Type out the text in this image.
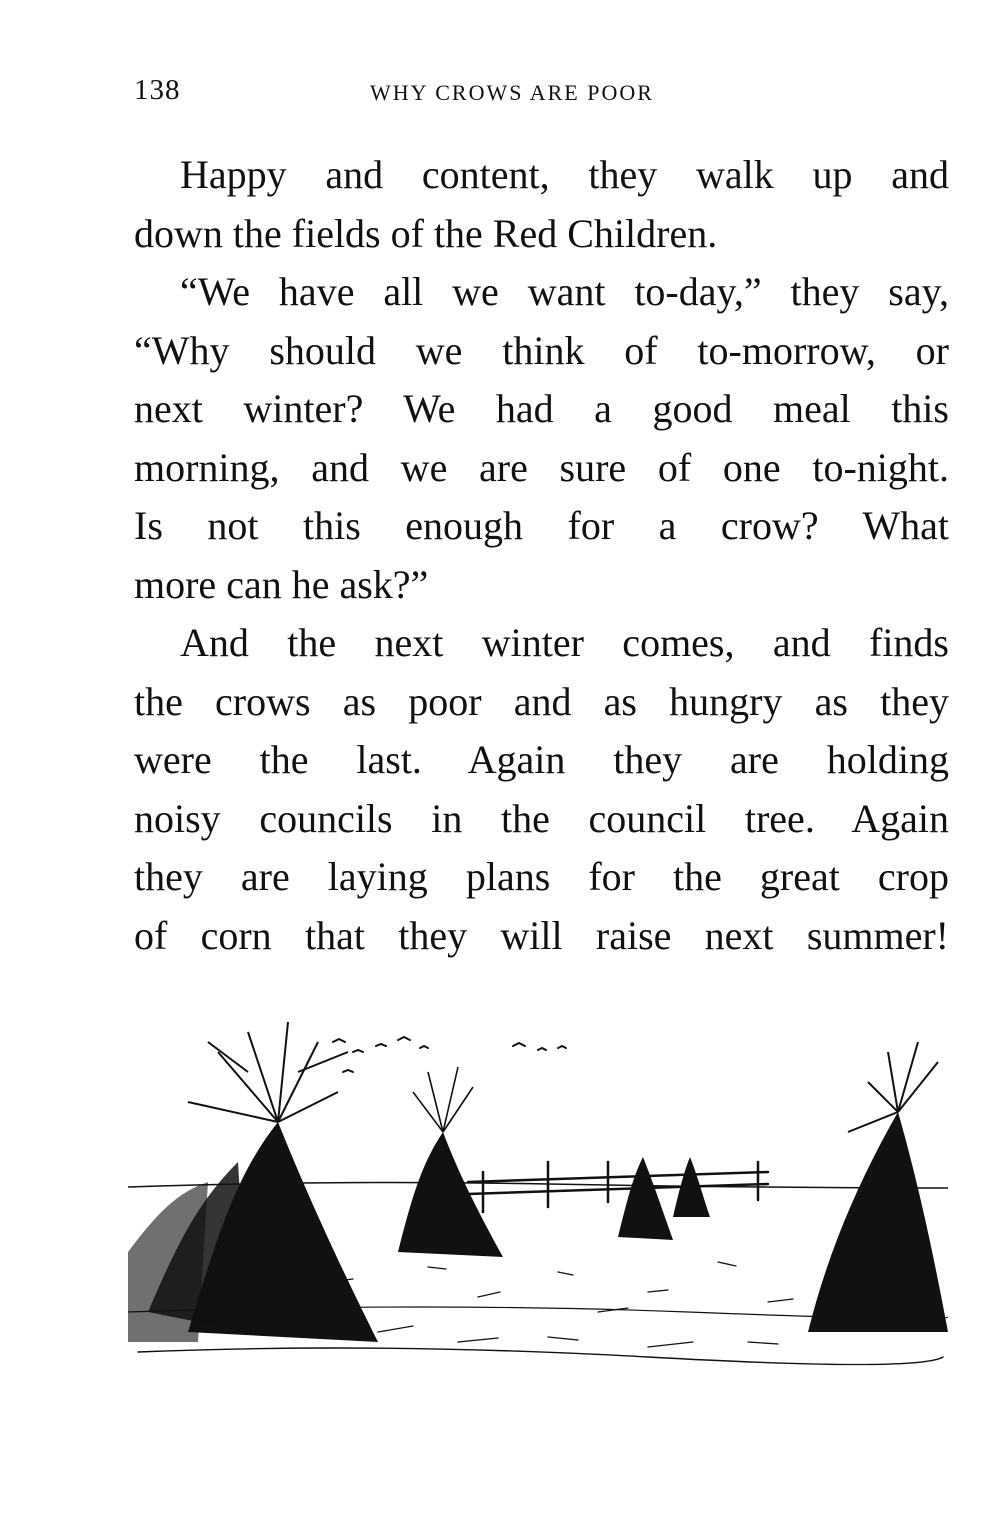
138	WHY CROWS ARE POOR
Happy and content, they walk up and
down the fields of the Red Children.
“We have all we want to-day,” they say,
“Why should we think of to-morrow, or
next winter? We had a good meal this
morning, and we are sure of one to-night.
Is not this enough for a crow? What
more can he ask?”
And the next winter comes, and finds
the crows as poor and as hungry as they
were the last. Again they are holding
noisy councils in the council tree. Again
they are laying plans for the great crop
of corn that they will raise next summer!
